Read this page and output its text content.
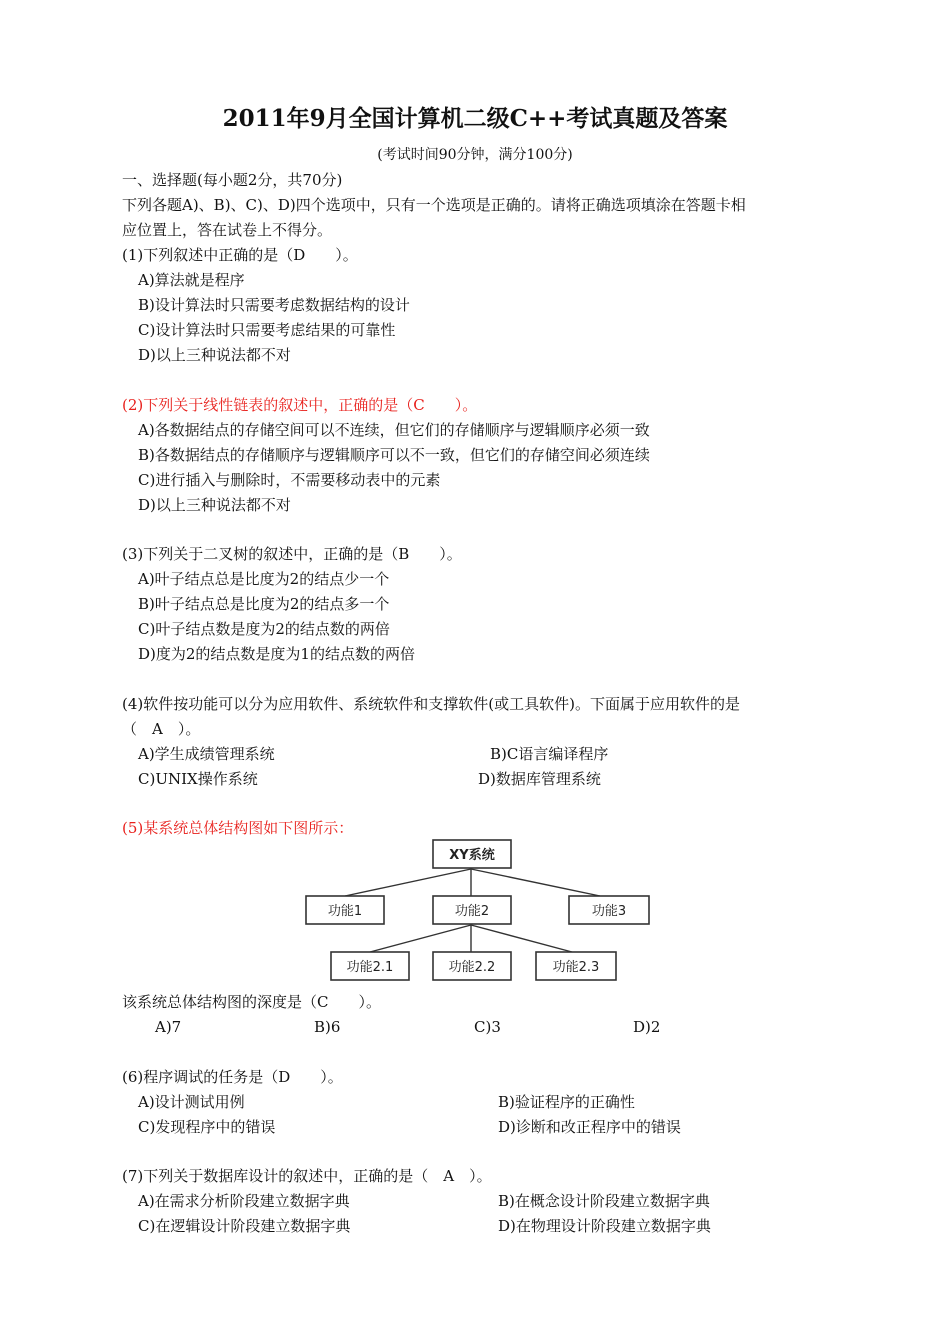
2011年9月全国计算机二级C++考试真题及答案
(考试时间90分钟，满分100分)
一、选择题(每小题2分，共70分)
下列各题A)、B)、C)、D)四个选项中，只有一个选项是正确的。请将正确选项填涂在答题卡相
应位置上，答在试卷上不得分。
(1)下列叙述中正确的是（D　　）。
A)算法就是程序
B)设计算法时只需要考虑数据结构的设计
C)设计算法时只需要考虑结果的可靠性
D)以上三种说法都不对
(2)下列关于线性链表的叙述中，正确的是（C　　）。
A)各数据结点的存储空间可以不连续，但它们的存储顺序与逻辑顺序必须一致
B)各数据结点的存储顺序与逻辑顺序可以不一致，但它们的存储空间必须连续
C)进行插入与删除时，不需要移动表中的元素
D)以上三种说法都不对
(3)下列关于二叉树的叙述中，正确的是（B　　）。
A)叶子结点总是比度为2的结点少一个
B)叶子结点总是比度为2的结点多一个
C)叶子结点数是度为2的结点数的两倍
D)度为2的结点数是度为1的结点数的两倍
(4)软件按功能可以分为应用软件、系统软件和支撑软件(或工具软件)。下面属于应用软件的是
（　A　）。
A)学生成绩管理系统	B)C语言编译程序
C)UNIX操作系统	D)数据库管理系统
(5)某系统总体结构图如下图所示：
XY系统
功能1	功能2	功能3
功能2.1	功能2.2	功能2.3
该系统总体结构图的深度是（C　　）。
A)7	B)6	C)3	D)2
(6)程序调试的任务是（D　　）。
A)设计测试用例	B)验证程序的正确性
C)发现程序中的错误	D)诊断和改正程序中的错误
(7)下列关于数据库设计的叙述中，正确的是（　A　）。
A)在需求分析阶段建立数据字典	B)在概念设计阶段建立数据字典
C)在逻辑设计阶段建立数据字典	D)在物理设计阶段建立数据字典
